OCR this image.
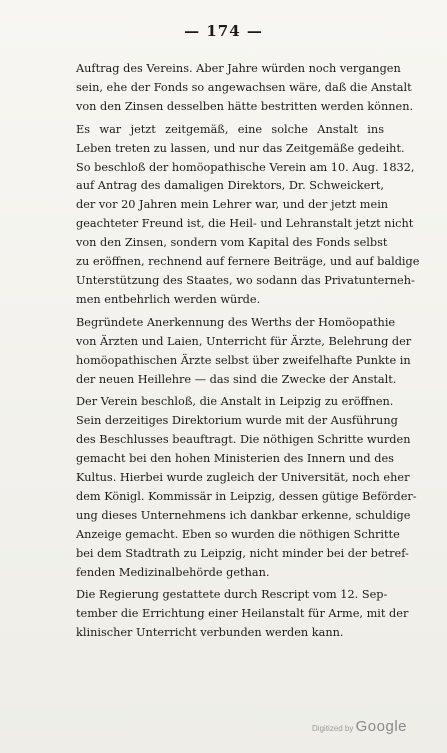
— 174 —
Auftrag des Vereins. Aber Jahre würden noch vergangen
sein, ehe der Fonds so angewachsen wäre, daß die Anstalt
von den Zinsen desselben hätte bestritten werden können.
Es war jetzt zeitgemäß, eine solche Anstalt ins
Leben treten zu lassen, und nur das Zeitgemäße gedeiht.
So beschloß der homöopathische Verein am 10. Aug. 1832,
auf Antrag des damaligen Direktors, Dr. Schweickert,
der vor 20 Jahren mein Lehrer war, und der jetzt mein
geachteter Freund ist, die Heil- und Lehranstalt jetzt nicht
von den Zinsen, sondern vom Kapital des Fonds selbst
zu eröffnen, rechnend auf fernere Beiträge, und auf baldige
Unterstützung des Staates, wo sodann das Privatunterneh-
men entbehrlich werden würde.
Begründete Anerkennung des Werths der Homöopathie
von Ärzten und Laien, Unterricht für Ärzte, Belehrung der
homöopathischen Ärzte selbst über zweifelhafte Punkte in
der neuen Heillehre — das sind die Zwecke der Anstalt.
Der Verein beschloß, die Anstalt in Leipzig zu eröffnen.
Sein derzeitiges Direktorium wurde mit der Ausführung
des Beschlusses beauftragt. Die nöthigen Schritte wurden
gemacht bei den hohen Ministerien des Innern und des
Kultus. Hierbei wurde zugleich der Universität, noch eher
dem Königl. Kommissär in Leipzig, dessen gütige Beförder-
ung dieses Unternehmens ich dankbar erkenne, schuldige
Anzeige gemacht. Eben so wurden die nöthigen Schritte
bei dem Stadtrath zu Leipzig, nicht minder bei der betref-
fenden Medizinalbehörde gethan.
Die Regierung gestattete durch Rescript vom 12. Sep-
tember die Errichtung einer Heilanstalt für Arme, mit der
klinischer Unterricht verbunden werden kann.
Digitized by Google
